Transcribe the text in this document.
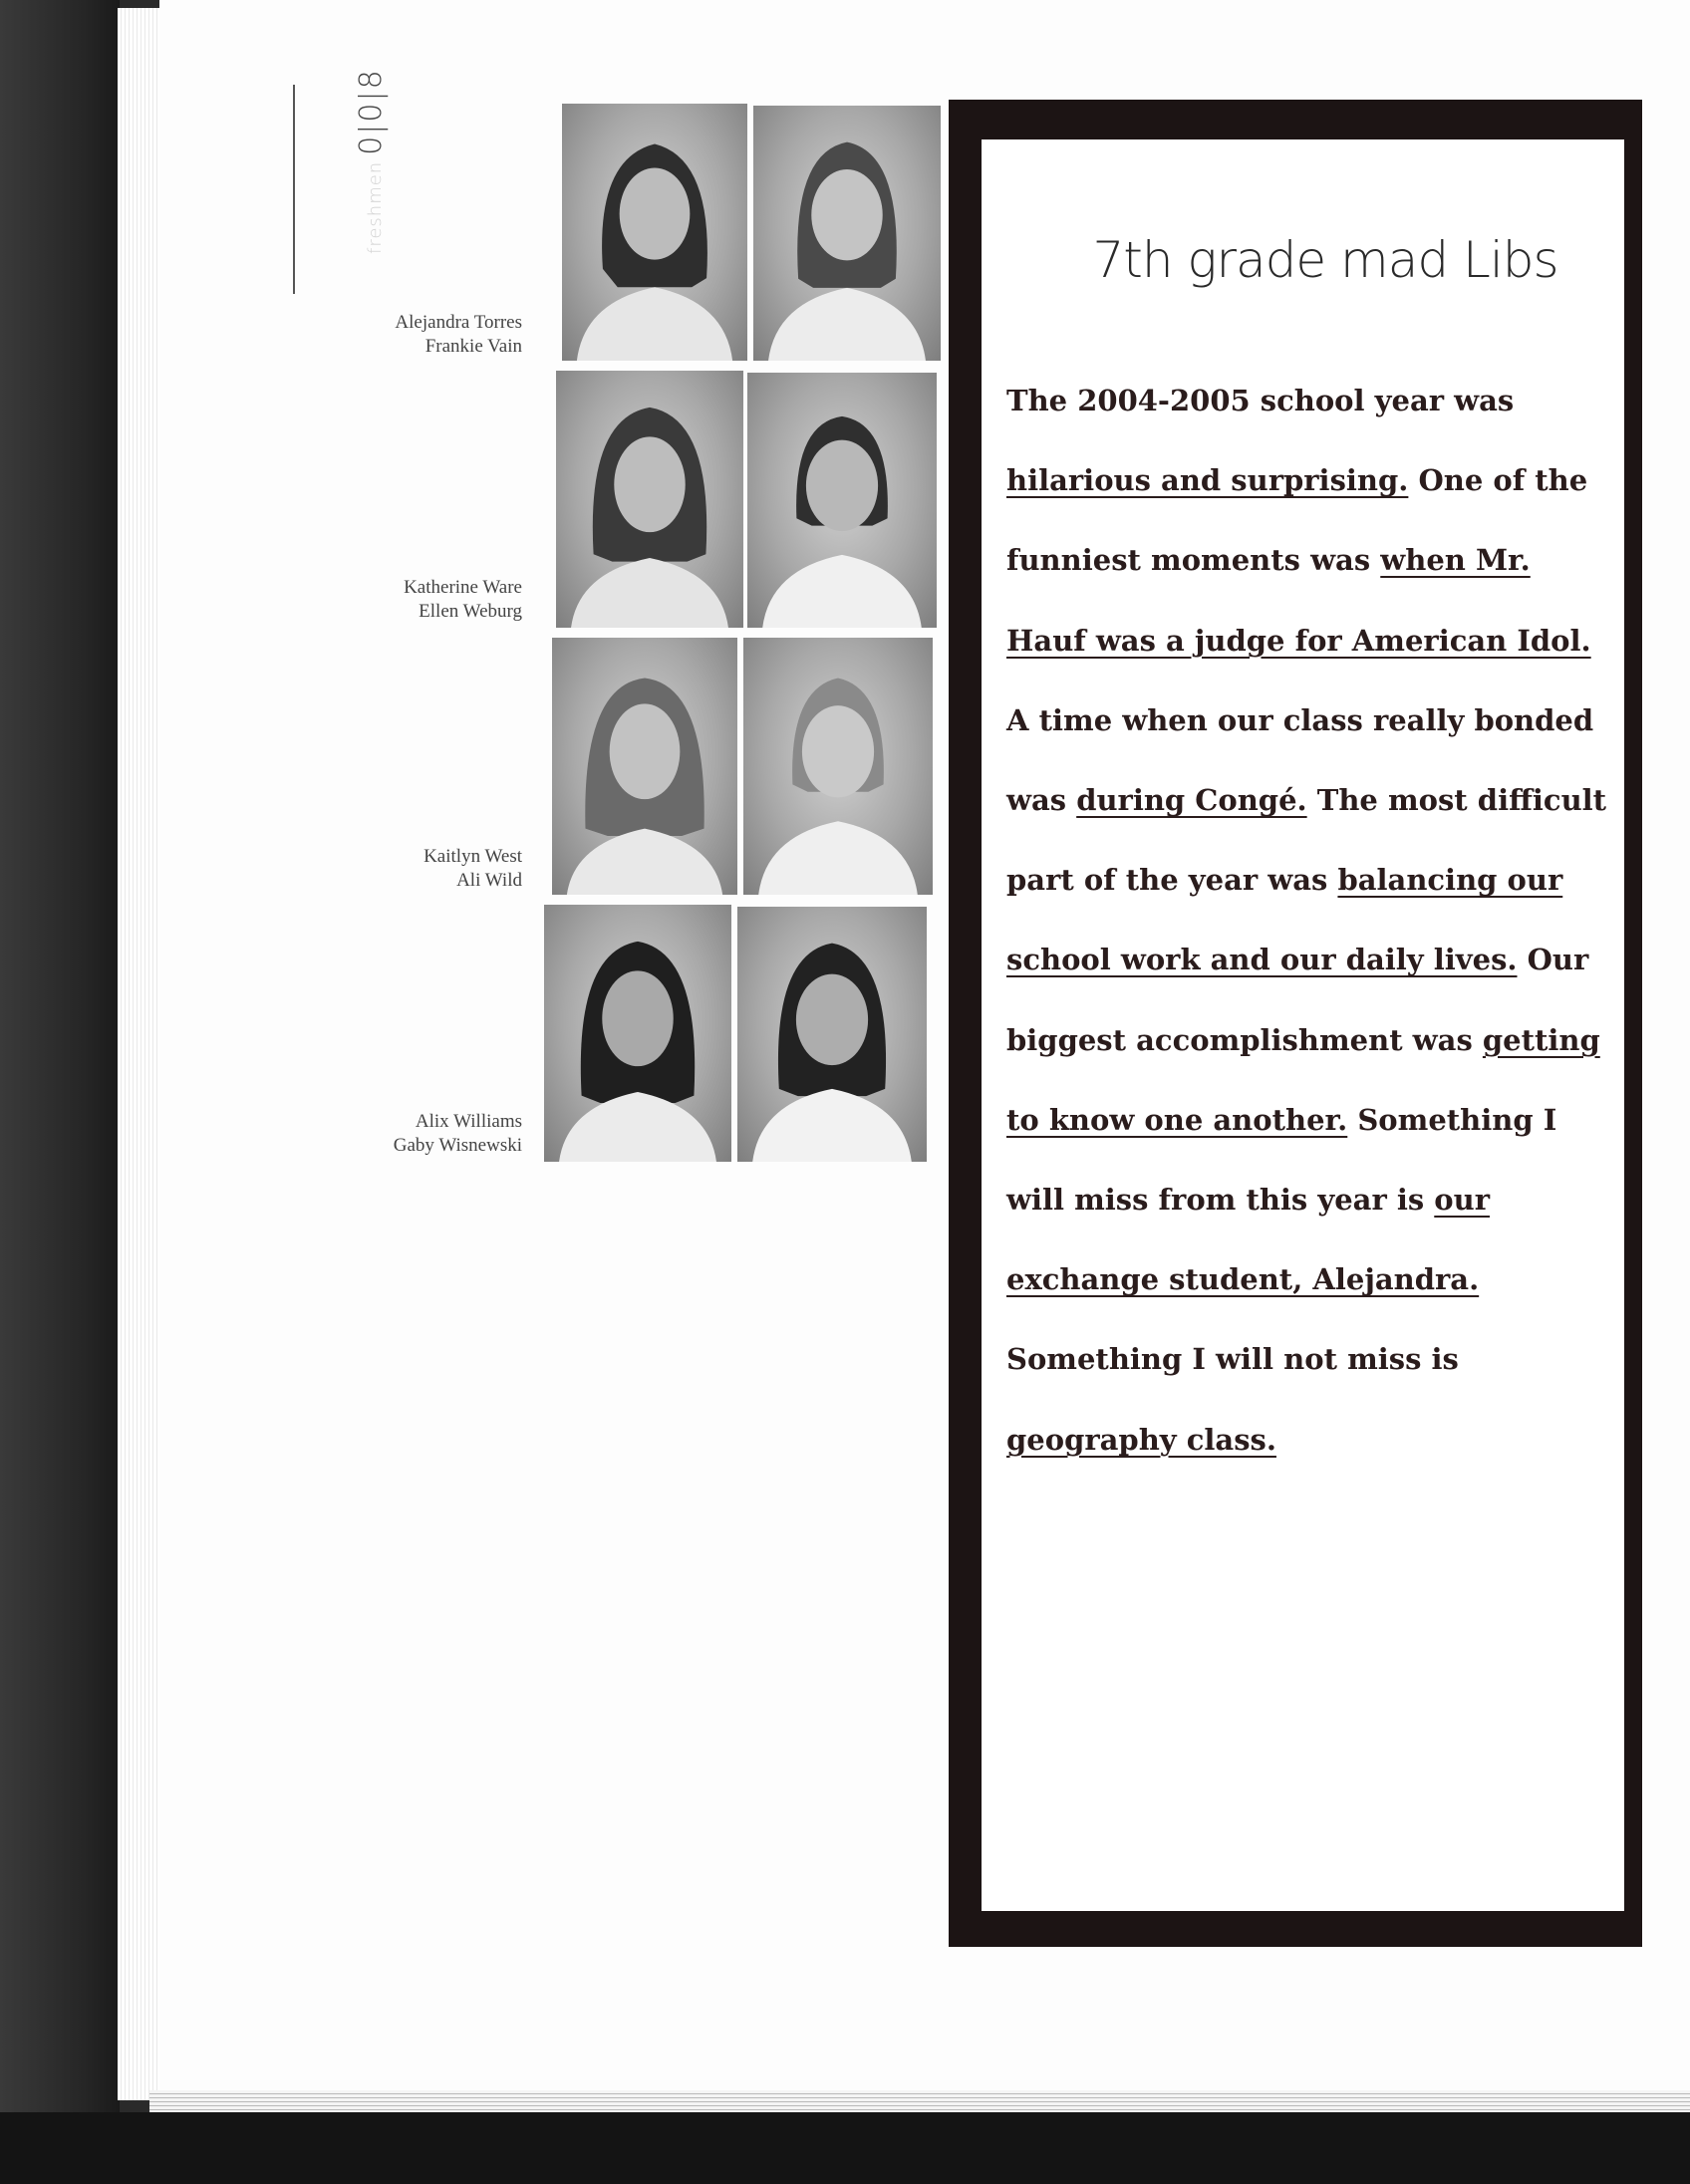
freshmen0|0|8
Alejandra Torres
Frankie Vain
Katherine Ware
Ellen Weburg
Kaitlyn West
Ali Wild
Alix Williams
Gaby Wisnewski
7th grade mad Libs
The 2004-2005 school year was hilarious and surprising. One of the funniest moments was when Mr. Hauf was a judge for American Idol. A time when our class really bonded was during Congé. The most difficult part of the year was balancing our school work and our daily lives. Our biggest accomplishment was getting to know one another. Something I will miss from this year is our exchange student, Alejandra. Something I will not miss is geography class.
